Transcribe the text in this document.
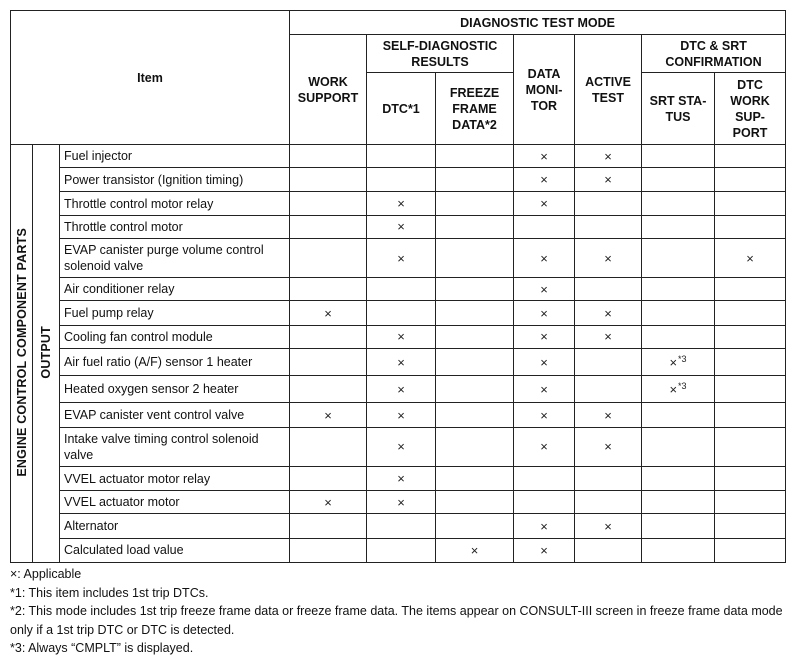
Item			DIAGNOSTIC TEST MODE						
			WORK SUPPORT	SELF-DIAGNOSTIC RESULTS		DATA MONI-TOR	ACTIVE TEST	DTC & SRT CONFIRMATION	
				DTC*1	FREEZE FRAME DATA*2			SRT STA-TUS	DTC WORK SUP-PORT
ENGINE CONTROL COMPONENT PARTS	OUTPUT	Fuel injector				×	×		
		Power transistor (Ignition timing)				×	×		
		Throttle control motor relay		×		×			
		Throttle control motor		×					
		EVAP canister purge volume control solenoid valve		×		×	×		×
		Air conditioner relay				×			
		Fuel pump relay	×			×	×		
		Cooling fan control module		×		×	×		
		Air fuel ratio (A/F) sensor 1 heater		×		×		×$^{*3}$	
		Heated oxygen sensor 2 heater		×		×		×$^{*3}$	
		EVAP canister vent control valve	×	×		×	×		
		Intake valve timing control solenoid valve		×		×	×		
		VVEL actuator motor relay		×					
		VVEL actuator motor	×	×					
		Alternator				×	×		
		Calculated load value			×	×			
×: Applicable
*1: This item includes 1st trip DTCs.
*2: This mode includes 1st trip freeze frame data or freeze frame data. The items appear on CONSULT-III screen in freeze frame data mode only if a 1st trip DTC or DTC is detected.
*3: Always “CMPLT” is displayed.
